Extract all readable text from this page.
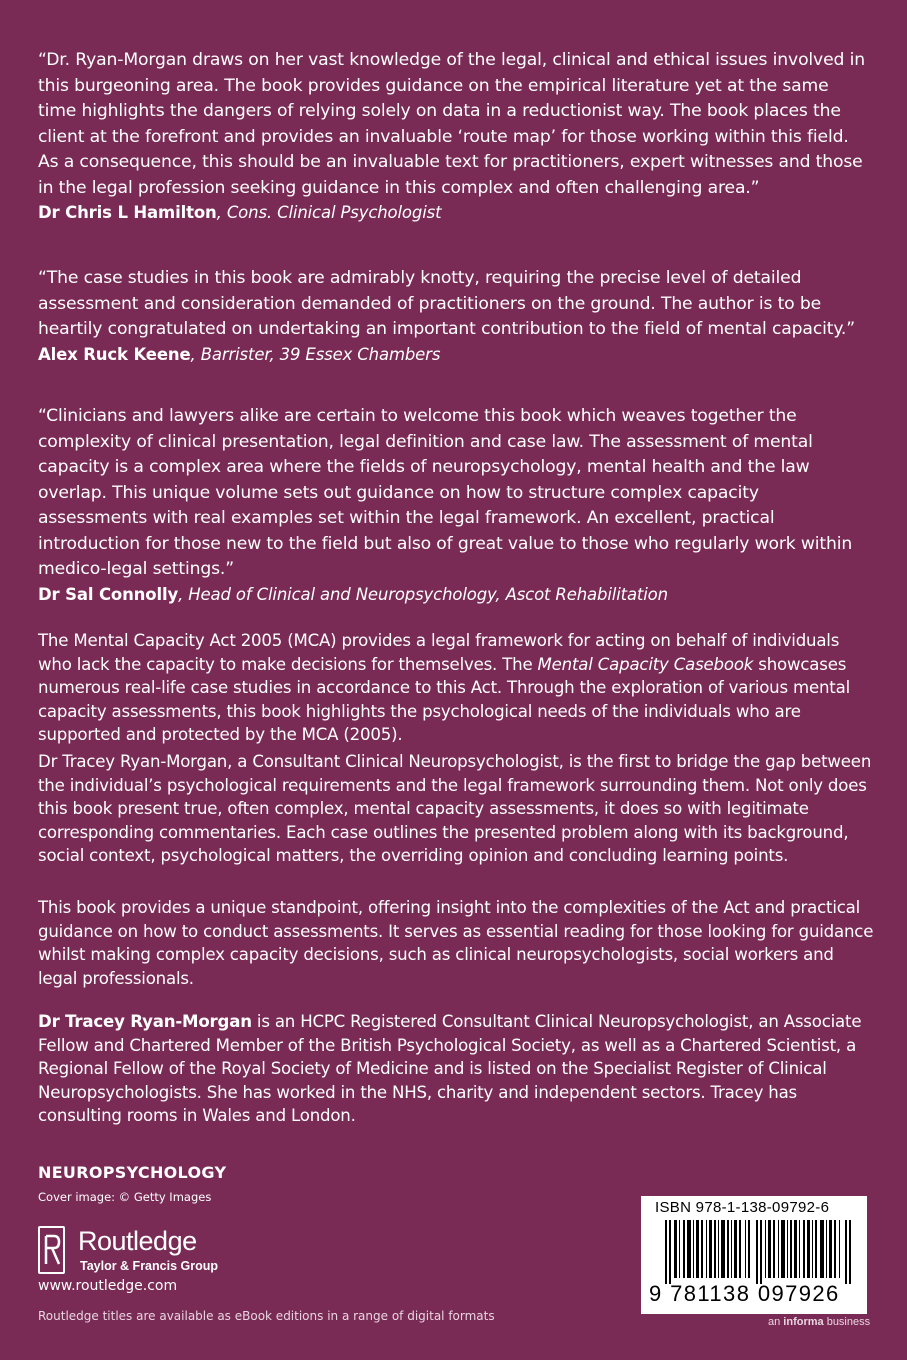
“Dr. Ryan-Morgan draws on her vast knowledge of the legal, clinical and ethical issues involved in this burgeoning area. The book provides guidance on the empirical literature yet at the same time highlights the dangers of relying solely on data in a reductionist way. The book places the client at the forefront and provides an invaluable ‘route map’ for those working within this field. As a consequence, this should be an invaluable text for practitioners, expert witnesses and those in the legal profession seeking guidance in this complex and often challenging area.”

Dr Chris L Hamilton, Cons. Clinical Psychologist

“The case studies in this book are admirably knotty, requiring the precise level of detailed assessment and consideration demanded of practitioners on the ground. The author is to be heartily congratulated on undertaking an important contribution to the field of mental capacity.”

Alex Ruck Keene, Barrister, 39 Essex Chambers

“Clinicians and lawyers alike are certain to welcome this book which weaves together the complexity of clinical presentation, legal definition and case law. The assessment of mental capacity is a complex area where the fields of neuropsychology, mental health and the law overlap. This unique volume sets out guidance on how to structure complex capacity assessments with real examples set within the legal framework. An excellent, practical introduction for those new to the field but also of great value to those who regularly work within medico-legal settings.”

Dr Sal Connolly, Head of Clinical and Neuropsychology, Ascot Rehabilitation

The Mental Capacity Act 2005 (MCA) provides a legal framework for acting on behalf of individuals who lack the capacity to make decisions for themselves. The Mental Capacity Casebook showcases numerous real-life case studies in accordance to this Act. Through the exploration of various mental capacity assessments, this book highlights the psychological needs of the individuals who are supported and protected by the MCA (2005).

Dr Tracey Ryan-Morgan, a Consultant Clinical Neuropsychologist, is the first to bridge the gap between the individual’s psychological requirements and the legal framework surrounding them. Not only does this book present true, often complex, mental capacity assessments, it does so with legitimate corresponding commentaries. Each case outlines the presented problem along with its background, social context, psychological matters, the overriding opinion and concluding learning points.

This book provides a unique standpoint, offering insight into the complexities of the Act and practical guidance on how to conduct assessments. It serves as essential reading for those looking for guidance whilst making complex capacity decisions, such as clinical neuropsychologists, social workers and legal professionals.

Dr Tracey Ryan-Morgan is an HCPC Registered Consultant Clinical Neuropsychologist, an Associate Fellow and Chartered Member of the British Psychological Society, as well as a Chartered Scientist, a Regional Fellow of the Royal Society of Medicine and is listed on the Specialist Register of Clinical Neuropsychologists. She has worked in the NHS, charity and independent sectors. Tracey has consulting rooms in Wales and London.

NEUROPSYCHOLOGY
Cover image: © Getty Images
Routledge
Taylor & Francis Group
www.routledge.com
Routledge titles are available as eBook editions in a range of digital formats
ISBN 978-1-138-09792-6
9 781138 097926
an informa business
